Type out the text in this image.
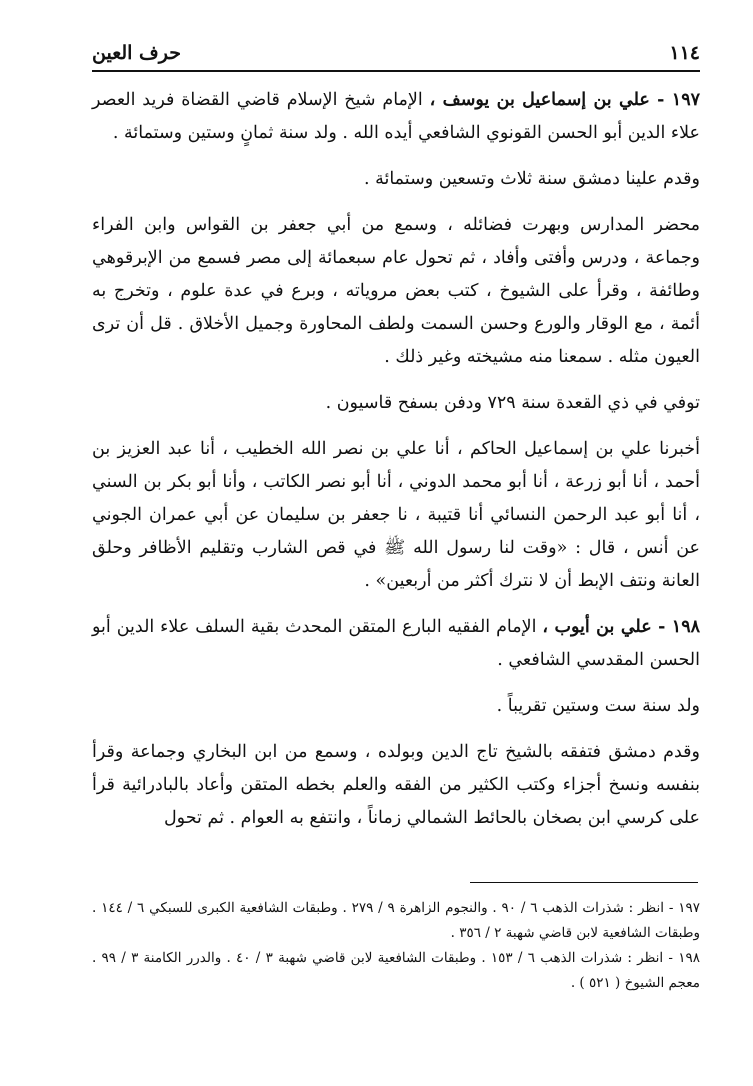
١١٤
حرف العين

١٩٧ - علي بن إسماعيل بن يوسف ، الإمام شيخ الإسلام قاضي القضاة فريد العصر علاء الدين أبو الحسن القونوي الشافعي أيده الله . ولد سنة ثمانٍ وستين وستمائة .

وقدم علينا دمشق سنة ثلاث وتسعين وستمائة .

محضر المدارس وبهرت فضائله ، وسمع من أبي جعفر بن القواس وابن الفراء وجماعة ، ودرس وأفتى وأفاد ، ثم تحول عام سبعمائة إلى مصر فسمع من الإبرقوهي وطائفة ، وقرأ على الشيوخ ، كتب بعض مروياته ، وبرع في عدة علوم ، وتخرج به أئمة ، مع الوقار والورع وحسن السمت ولطف المحاورة وجميل الأخلاق . قل أن ترى العيون مثله . سمعنا منه مشيخته وغير ذلك .

توفي في ذي القعدة سنة ٧٢٩ ودفن بسفح قاسيون .

أخبرنا علي بن إسماعيل الحاكم ، أنا علي بن نصر الله الخطيب ، أنا عبد العزيز بن أحمد ، أنا أبو زرعة ، أنا أبو محمد الدوني ، أنا أبو نصر الكاتب ، وأنا أبو بكر بن السني ، أنا أبو عبد الرحمن النسائي أنا قتيبة ، نا جعفر بن سليمان عن أبي عمران الجوني عن أنس ، قال : «وقت لنا رسول الله ﷺ في قص الشارب وتقليم الأظافر وحلق العانة ونتف الإبط أن لا نترك أكثر من أربعين» .

١٩٨ - علي بن أيوب ، الإمام الفقيه البارع المتقن المحدث بقية السلف علاء الدين أبو الحسن المقدسي الشافعي .

ولد سنة ست وستين تقريباً .

وقدم دمشق فتفقه بالشيخ تاج الدين وبولده ، وسمع من ابن البخاري وجماعة وقرأ بنفسه ونسخ أجزاء وكتب الكثير من الفقه والعلم بخطه المتقن وأعاد بالبادرائية قرأ على كرسي ابن بصخان بالحائط الشمالي زماناً ، وانتفع به العوام . ثم تحول

١٩٧ - انظر : شذرات الذهب ٦ / ٩٠ . والنجوم الزاهرة ٩ / ٢٧٩ . وطبقات الشافعية الكبرى للسبكي ٦ / ١٤٤ . وطبقات الشافعية لابن قاضي شهبة ٢ / ٣٥٦ .

١٩٨ - انظر : شذرات الذهب ٦ / ١٥٣ . وطبقات الشافعية لابن قاضي شهبة ٣ / ٤٠ . والدرر الكامنة ٣ / ٩٩ . معجم الشيوخ ( ٥٢١ ) .
